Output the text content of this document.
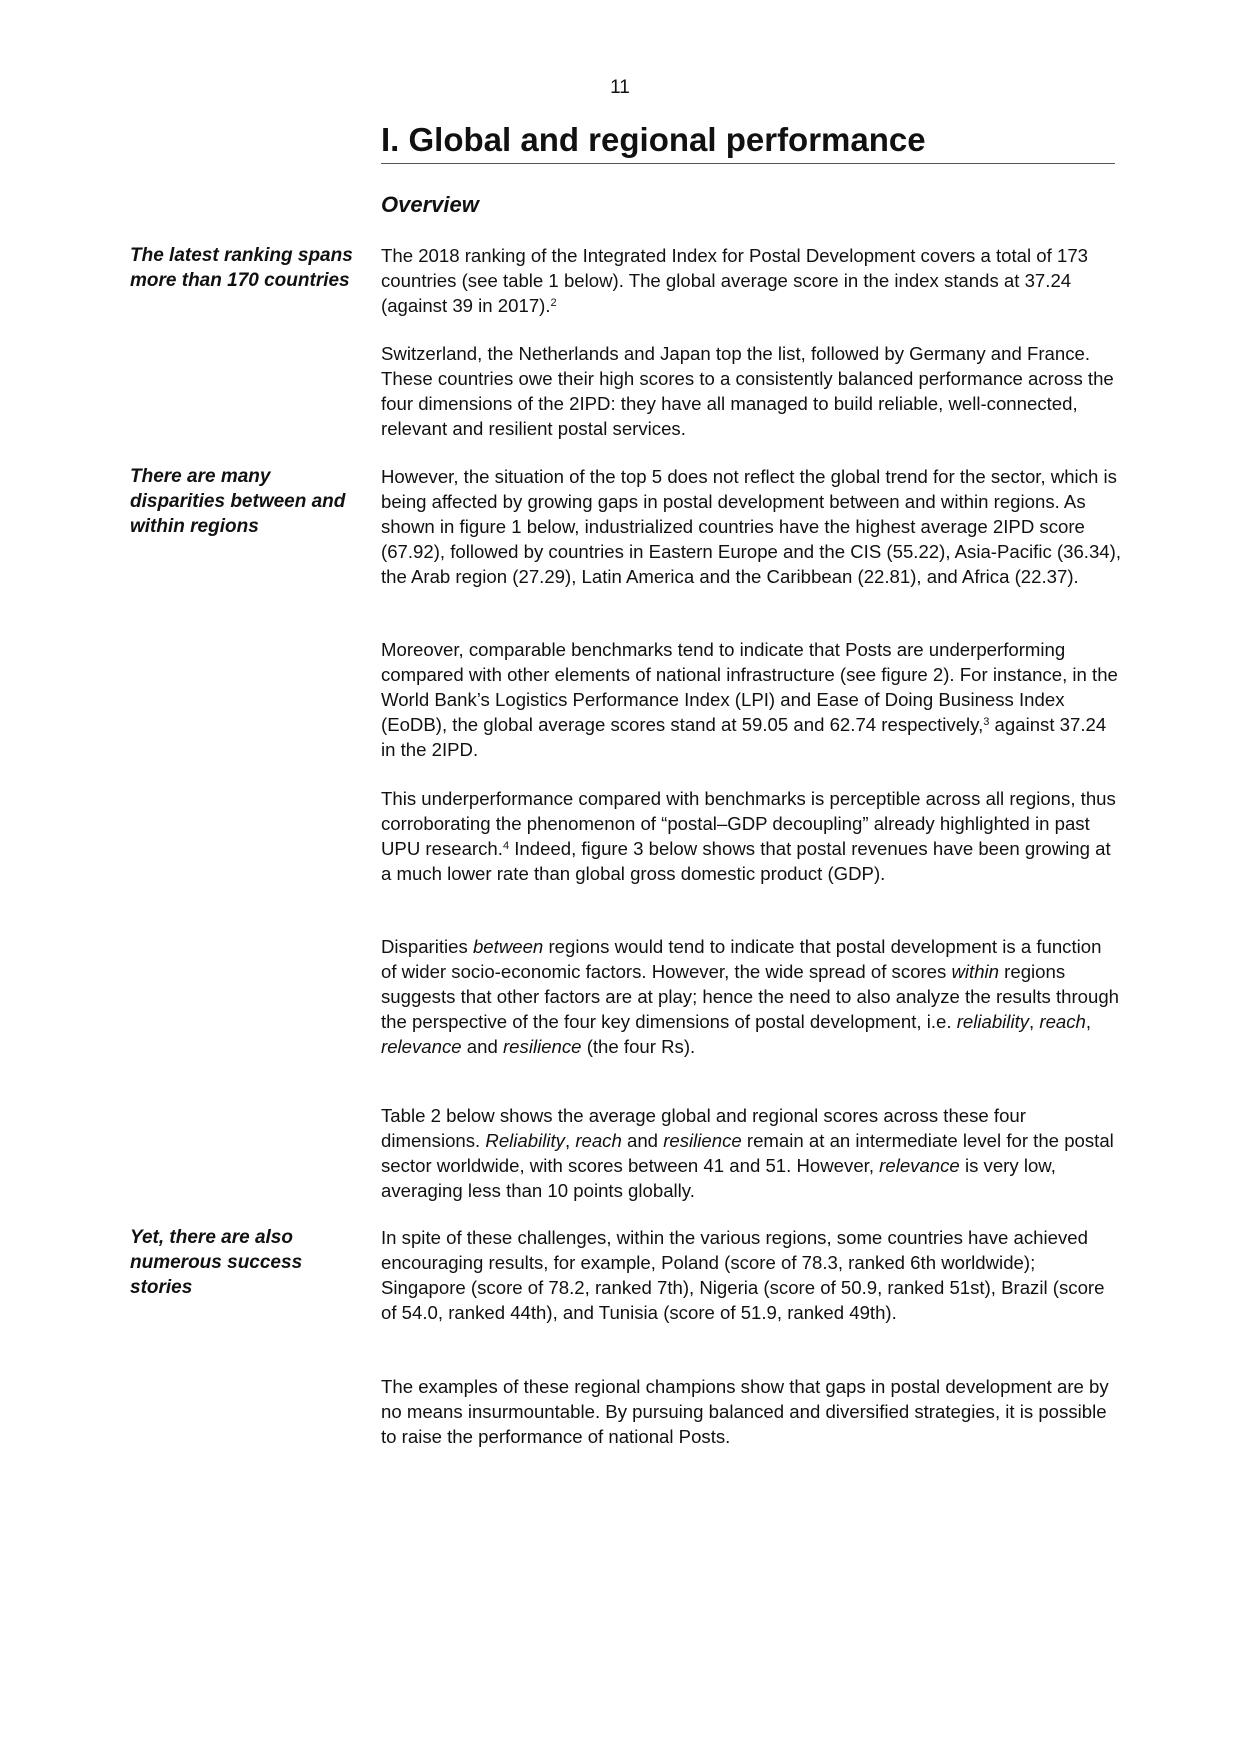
11
I. Global and regional performance
Overview

The latest ranking spans more than 170 countries

There are many disparities between and within regions

Yet, there are also numerous success stories

The 2018 ranking of the Integrated Index for Postal Development covers a total of 173 countries (see table 1 below). The global average score in the index stands at 37.24 (against 39 in 2017).$^2$

Switzerland, the Netherlands and Japan top the list, followed by Germany and France. These countries owe their high scores to a consistently balanced performance across the four dimensions of the 2IPD: they have all managed to build reliable, well-connected, relevant and resilient postal services.

However, the situation of the top 5 does not reflect the global trend for the sector, which is being affected by growing gaps in postal development between and within regions. As shown in figure 1 below, industrialized countries have the highest average 2IPD score (67.92), followed by countries in Eastern Europe and the CIS (55.22), Asia-Pacific (36.34), the Arab region (27.29), Latin America and the Caribbean (22.81), and Africa (22.37).

Moreover, comparable benchmarks tend to indicate that Posts are underperforming compared with other elements of national infrastructure (see figure 2). For instance, in the World Bank’s Logistics Performance Index (LPI) and Ease of Doing Business Index (EoDB), the global average scores stand at 59.05 and 62.74 respectively,$^3$ against 37.24 in the 2IPD.

This underperformance compared with benchmarks is perceptible across all regions, thus corroborating the phenomenon of “postal–GDP decoupling” already highlighted in past UPU research.$^4$ Indeed, figure 3 below shows that postal revenues have been growing at a much lower rate than global gross domestic product (GDP).

Disparities between regions would tend to indicate that postal development is a function of wider socio-economic factors. However, the wide spread of scores within regions suggests that other factors are at play; hence the need to also analyze the results through the perspective of the four key dimensions of postal development, i.e. reliability, reach, relevance and resilience (the four Rs).

Table 2 below shows the average global and regional scores across these four dimensions. Reliability, reach and resilience remain at an intermediate level for the postal sector worldwide, with scores between 41 and 51. However, relevance is very low, averaging less than 10 points globally.

In spite of these challenges, within the various regions, some countries have achieved encouraging results, for example, Poland (score of 78.3, ranked 6th worldwide); Singapore (score of 78.2, ranked 7th), Nigeria (score of 50.9, ranked 51st), Brazil (score of 54.0, ranked 44th), and Tunisia (score of 51.9, ranked 49th).

The examples of these regional champions show that gaps in postal development are by no means insurmountable. By pursuing balanced and diversified strategies, it is possible to raise the performance of national Posts.
